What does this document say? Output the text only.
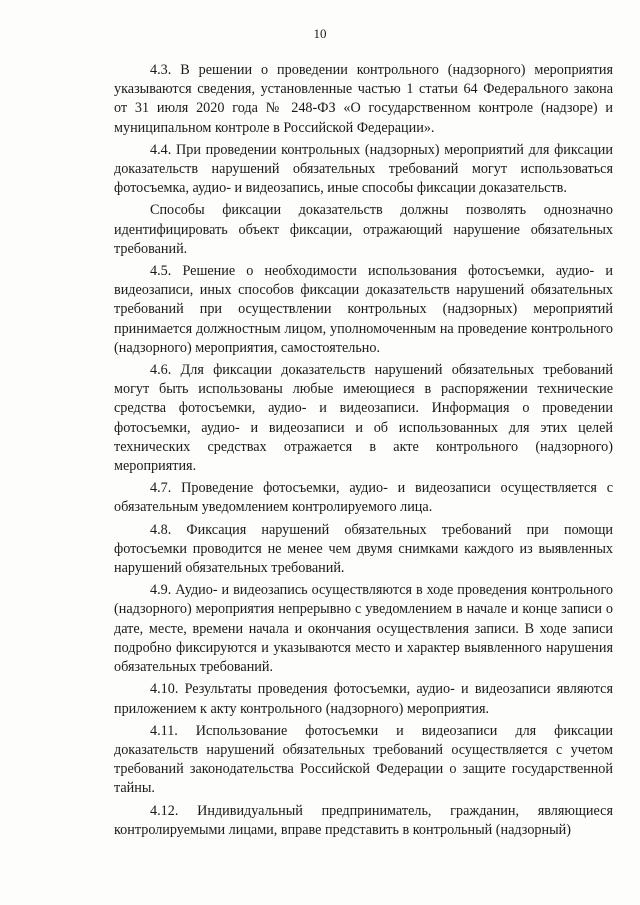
10

4.3. В решении о проведении контрольного (надзорного) мероприятия указываются сведения, установленные частью 1 статьи 64 Федерального закона от 31 июля 2020 года № 248-ФЗ «О государственном контроле (надзоре) и муниципальном контроле в Российской Федерации».

4.4. При проведении контрольных (надзорных) мероприятий для фиксации доказательств нарушений обязательных требований могут использоваться фотосъемка, аудио- и видеозапись, иные способы фиксации доказательств.

Способы фиксации доказательств должны позволять однозначно идентифицировать объект фиксации, отражающий нарушение обязательных требований.

4.5. Решение о необходимости использования фотосъемки, аудио- и видеозаписи, иных способов фиксации доказательств нарушений обязательных требований при осуществлении контрольных (надзорных) мероприятий принимается должностным лицом, уполномоченным на проведение контрольного (надзорного) мероприятия, самостоятельно.

4.6. Для фиксации доказательств нарушений обязательных требований могут быть использованы любые имеющиеся в распоряжении технические средства фотосъемки, аудио- и видеозаписи. Информация о проведении фотосъемки, аудио- и видеозаписи и об использованных для этих целей технических средствах отражается в акте контрольного (надзорного) мероприятия.

4.7. Проведение фотосъемки, аудио- и видеозаписи осуществляется с обязательным уведомлением контролируемого лица.

4.8. Фиксация нарушений обязательных требований при помощи фотосъемки проводится не менее чем двумя снимками каждого из выявленных нарушений обязательных требований.

4.9. Аудио- и видеозапись осуществляются в ходе проведения контрольного (надзорного) мероприятия непрерывно с уведомлением в начале и конце записи о дате, месте, времени начала и окончания осуществления записи. В ходе записи подробно фиксируются и указываются место и характер выявленного нарушения обязательных требований.

4.10. Результаты проведения фотосъемки, аудио- и видеозаписи являются приложением к акту контрольного (надзорного) мероприятия.

4.11. Использование фотосъемки и видеозаписи для фиксации доказательств нарушений обязательных требований осуществляется с учетом требований законодательства Российской Федерации о защите государственной тайны.

4.12. Индивидуальный предприниматель, гражданин, являющиеся контролируемыми лицами, вправе представить в контрольный (надзорный)
